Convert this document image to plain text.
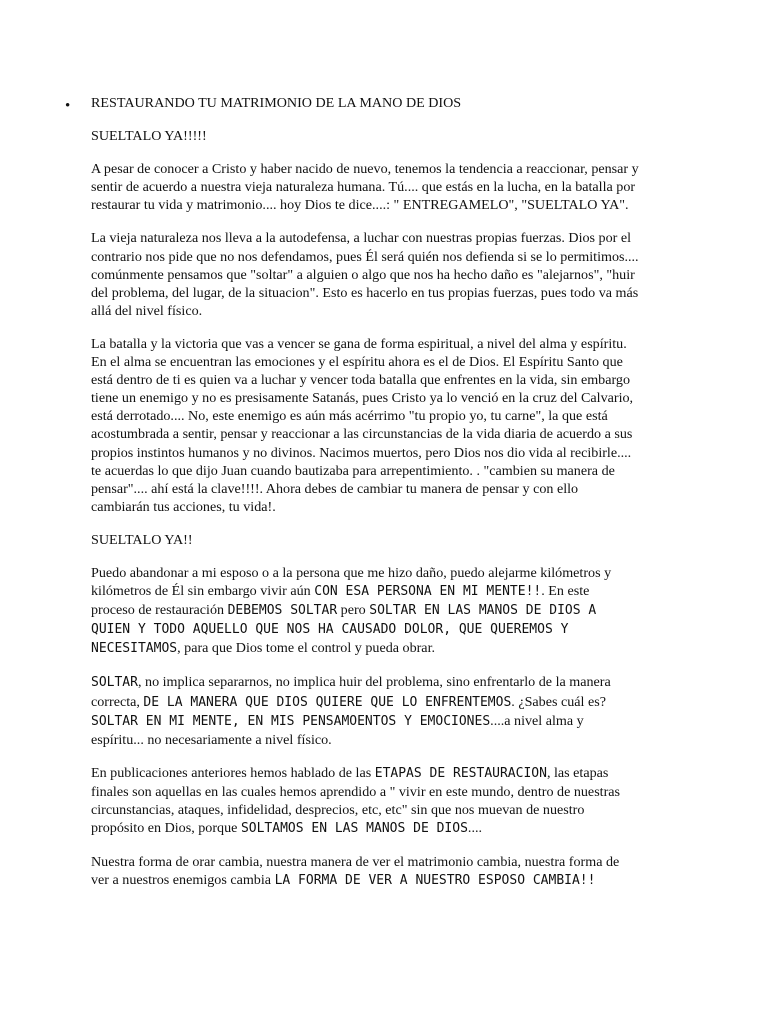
• RESTAURANDO TU MATRIMONIO DE LA MANO DE DIOS

SUELTALO YA!!!!!

A pesar de conocer a Cristo y haber nacido de nuevo, tenemos la tendencia a reaccionar, pensar y
sentir de acuerdo a nuestra vieja naturaleza humana. Tú.... que estás en la lucha, en la batalla por
restaurar tu vida y matrimonio.... hoy Dios te dice....: " ENTREGAMELO", "SUELTALO YA".

La vieja naturaleza nos lleva a la autodefensa, a luchar con nuestras propias fuerzas. Dios por el
contrario nos pide que no nos defendamos, pues Él será quién nos defienda si se lo permitimos....
comúnmente pensamos que "soltar" a alguien o algo que nos ha hecho daño es "alejarnos", "huir
del problema, del lugar, de la situacion". Esto es hacerlo en tus propias fuerzas, pues todo va más
allá del nivel físico.

La batalla y la victoria que vas a vencer se gana de forma espiritual, a nivel del alma y espíritu.
En el alma se encuentran las emociones y el espíritu ahora es el de Dios. El Espíritu Santo que
está dentro de ti es quien va a luchar y vencer toda batalla que enfrentes en la vida, sin embargo
tiene un enemigo y no es presisamente Satanás, pues Cristo ya lo venció en la cruz del Calvario,
está derrotado.... No, este enemigo es aún más acérrimo "tu propio yo, tu carne", la que está
acostumbrada a sentir, pensar y reaccionar a las circunstancias de la vida diaria de acuerdo a sus
propios instintos humanos y no divinos. Nacimos muertos, pero Dios nos dio vida al recibirle....
te acuerdas lo que dijo Juan cuando bautizaba para arrepentimiento. . "cambien su manera de
pensar".... ahí está la clave!!!!. Ahora debes de cambiar tu manera de pensar y con ello
cambiarán tus acciones, tu vida!.

SUELTALO YA!!

Puedo abandonar a mi esposo o a la persona que me hizo daño, puedo alejarme kilómetros y
kilómetros de Él sin embargo vivir aún CON ESA PERSONA EN MI MENTE!!. En este
proceso de restauración DEBEMOS SOLTAR pero SOLTAR EN LAS MANOS DE DIOS A
QUIEN Y TODO AQUELLO QUE NOS HA CAUSADO DOLOR, QUE QUEREMOS Y
NECESITAMOS, para que Dios tome el control y pueda obrar.

SOLTAR, no implica separarnos, no implica huir del problema, sino enfrentarlo de la manera
correcta, DE LA MANERA QUE DIOS QUIERE QUE LO ENFRENTEMOS. ¿Sabes cuál es?
SOLTAR EN MI MENTE, EN MIS PENSAMOENTOS Y EMOCIONES....a nivel alma y
espíritu... no necesariamente a nivel físico.

En publicaciones anteriores hemos hablado de las ETAPAS DE RESTAURACION, las etapas
finales son aquellas en las cuales hemos aprendido a " vivir en este mundo, dentro de nuestras
circunstancias, ataques, infidelidad, desprecios, etc, etc" sin que nos muevan de nuestro
propósito en Dios, porque SOLTAMOS EN LAS MANOS DE DIOS....

Nuestra forma de orar cambia, nuestra manera de ver el matrimonio cambia, nuestra forma de
ver a nuestros enemigos cambia LA FORMA DE VER A NUESTRO ESPOSO CAMBIA!!
